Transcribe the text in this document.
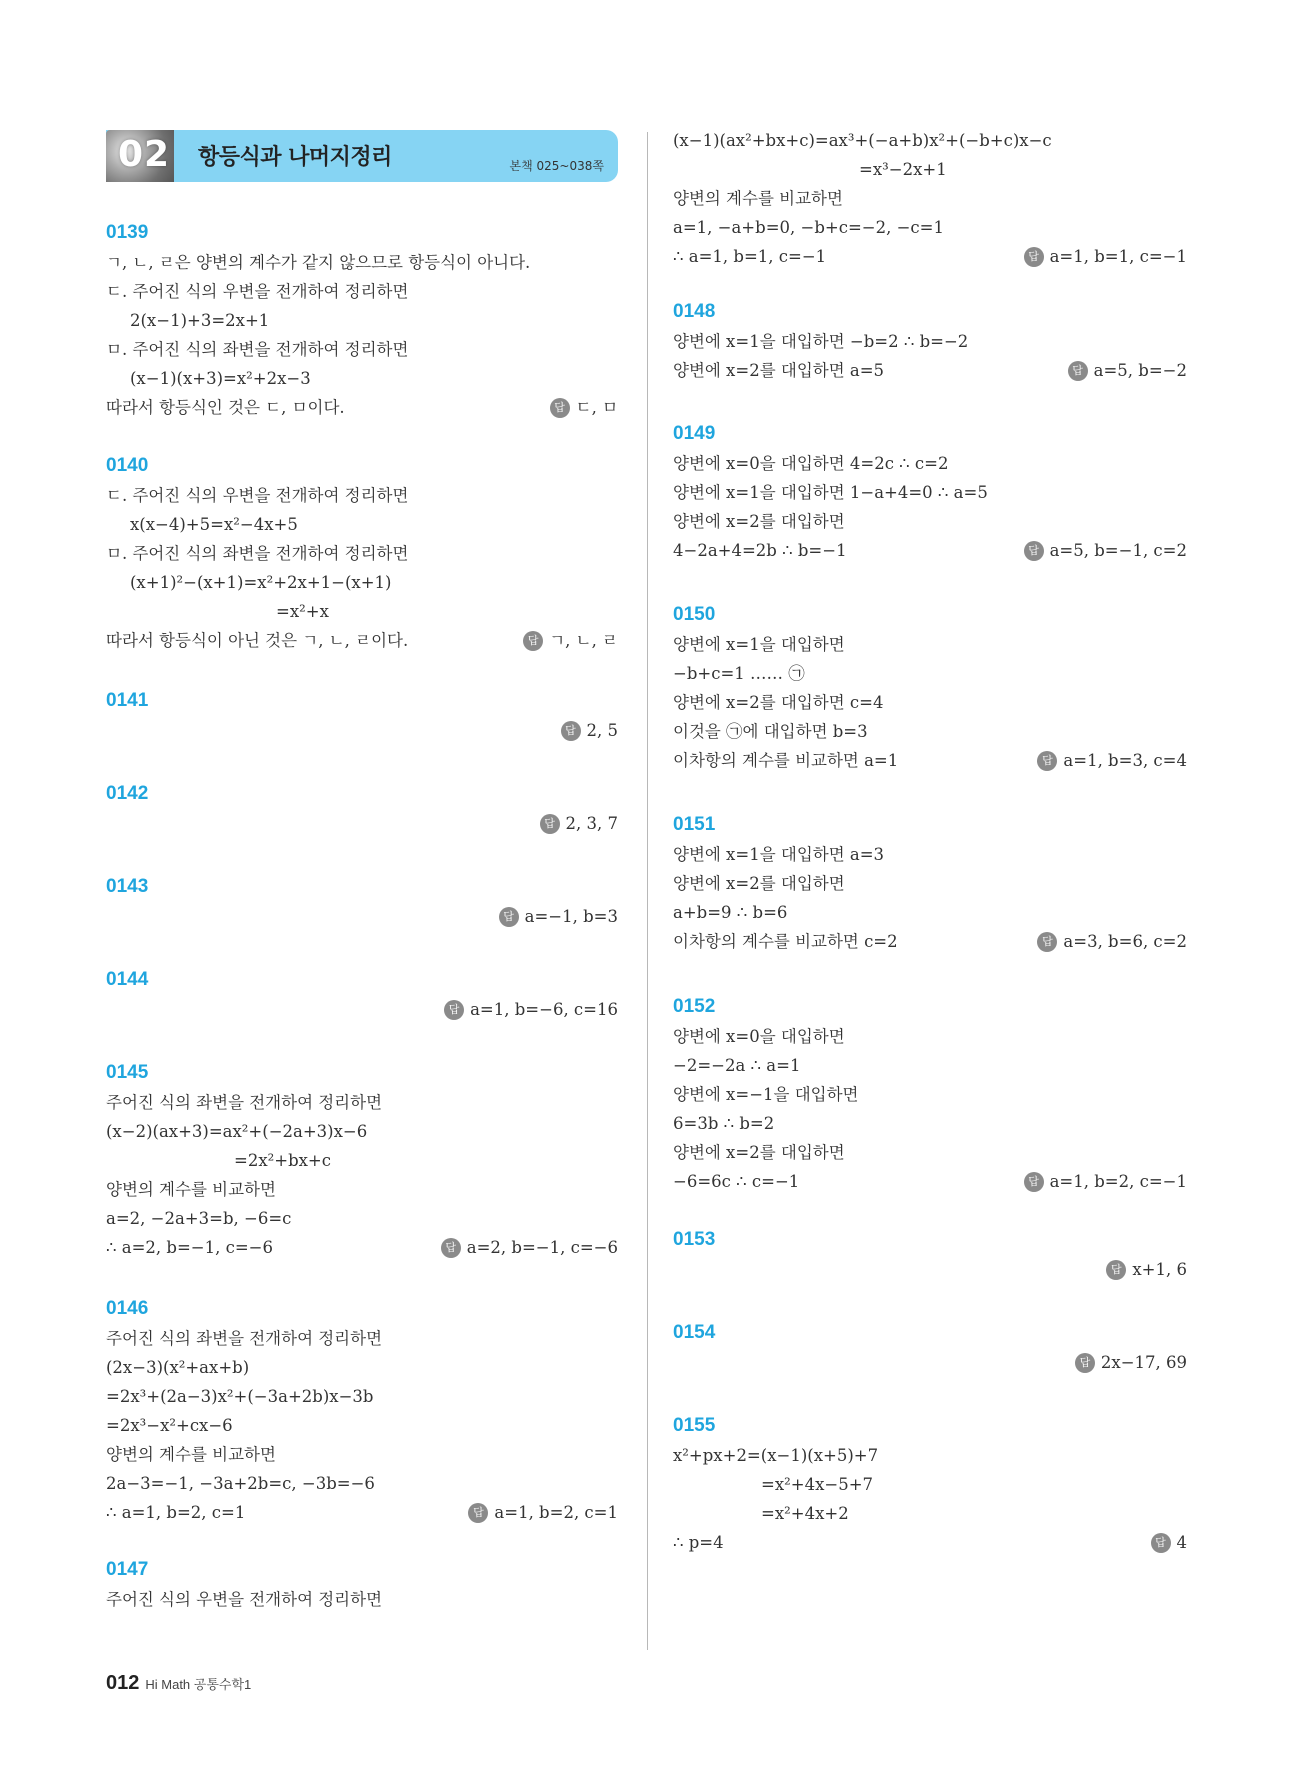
02 항등식과 나머지정리	본책 025~038쪽
0139
ㄱ, ㄴ, ㄹ은 양변의 계수가 같지 않으므로 항등식이 아니다.
ㄷ. 주어진 식의 우변을 전개하여 정리하면
2(x−1)+3=2x+1
ㅁ. 주어진 식의 좌변을 전개하여 정리하면
(x−1)(x+3)=x²+2x−3
따라서 항등식인 것은 ㄷ, ㅁ이다.	답 ㄷ, ㅁ
0140
ㄷ. 주어진 식의 우변을 전개하여 정리하면
x(x−4)+5=x²−4x+5
ㅁ. 주어진 식의 좌변을 전개하여 정리하면
(x+1)²−(x+1)=x²+2x+1−(x+1)
=x²+x
따라서 항등식이 아닌 것은 ㄱ, ㄴ, ㄹ이다.	답 ㄱ, ㄴ, ㄹ
0141
답 2, 5
0142
답 2, 3, 7
0143
답 a=−1, b=3
0144
답 a=1, b=−6, c=16
0145
주어진 식의 좌변을 전개하여 정리하면
(x−2)(ax+3)=ax²+(−2a+3)x−6
=2x²+bx+c
양변의 계수를 비교하면
a=2, −2a+3=b, −6=c
∴ a=2, b=−1, c=−6	답 a=2, b=−1, c=−6
0146
주어진 식의 좌변을 전개하여 정리하면
(2x−3)(x²+ax+b)
=2x³+(2a−3)x²+(−3a+2b)x−3b
=2x³−x²+cx−6
양변의 계수를 비교하면
2a−3=−1, −3a+2b=c, −3b=−6
∴ a=1, b=2, c=1	답 a=1, b=2, c=1
0147
주어진 식의 우변을 전개하여 정리하면
(x−1)(ax²+bx+c)=ax³+(−a+b)x²+(−b+c)x−c
=x³−2x+1
양변의 계수를 비교하면
a=1, −a+b=0, −b+c=−2, −c=1
∴ a=1, b=1, c=−1	답 a=1, b=1, c=−1
0148
양변에 x=1을 대입하면 −b=2 ∴ b=−2
양변에 x=2를 대입하면 a=5	답 a=5, b=−2
0149
양변에 x=0을 대입하면 4=2c ∴ c=2
양변에 x=1을 대입하면 1−a+4=0 ∴ a=5
양변에 x=2를 대입하면
4−2a+4=2b ∴ b=−1	답 a=5, b=−1, c=2
0150
양변에 x=1을 대입하면
−b+c=1 …… ㉠
양변에 x=2를 대입하면 c=4
이것을 ㉠에 대입하면 b=3
이차항의 계수를 비교하면 a=1	답 a=1, b=3, c=4
0151
양변에 x=1을 대입하면 a=3
양변에 x=2를 대입하면
a+b=9 ∴ b=6
이차항의 계수를 비교하면 c=2	답 a=3, b=6, c=2
0152
양변에 x=0을 대입하면
−2=−2a ∴ a=1
양변에 x=−1을 대입하면
6=3b ∴ b=2
양변에 x=2를 대입하면
−6=6c ∴ c=−1	답 a=1, b=2, c=−1
0153
답 x+1, 6
0154
답 2x−17, 69
0155
x²+px+2=(x−1)(x+5)+7
=x²+4x−5+7
=x²+4x+2
∴ p=4	답 4
012 Hi Math 공통수학1
